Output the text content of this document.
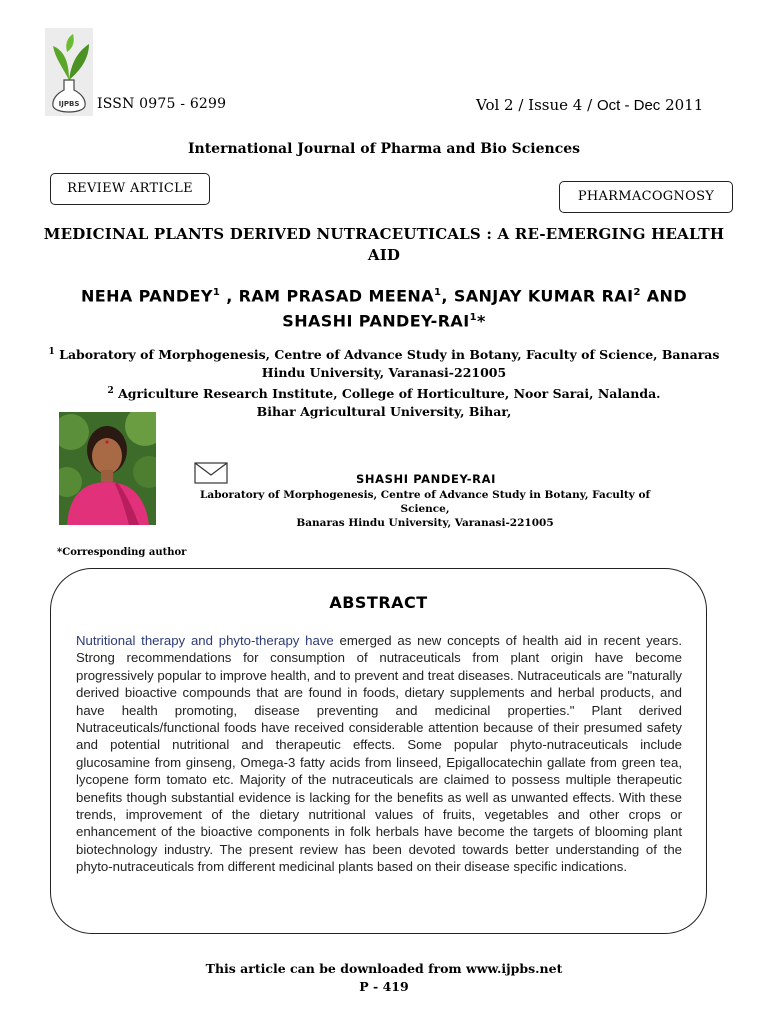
IJPBS ISSN 0975 - 6299	Vol 2 / Issue 4 / Oct - Dec 2011
International Journal of Pharma and Bio Sciences
REVIEW ARTICLE
PHARMACOGNOSY
MEDICINAL PLANTS DERIVED NUTRACEUTICALS : A RE-EMERGING HEALTH AID
NEHA PANDEY$^1$ , RAM PRASAD MEENA$^1$, SANJAY KUMAR RAI$^2$ AND
SHASHI PANDEY-RAI$^1$*
$^1$ Laboratory of Morphogenesis, Centre of Advance Study in Botany, Faculty of Science, Banaras Hindu University, Varanasi-221005
$^2$ Agriculture Research Institute, College of Horticulture, Noor Sarai, Nalanda.
Bihar Agricultural University, Bihar,
SHASHI PANDEY-RAI
Laboratory of Morphogenesis, Centre of Advance Study in Botany, Faculty of Science,
Banaras Hindu University, Varanasi-221005
*Corresponding author
ABSTRACT
Nutritional therapy and phyto-therapy have emerged as new concepts of health aid in recent years. Strong recommendations for consumption of nutraceuticals from plant origin have become progressively popular to improve health, and to prevent and treat diseases. Nutraceuticals are "naturally derived bioactive compounds that are found in foods, dietary supplements and herbal products, and have health promoting, disease preventing and medicinal properties." Plant derived Nutraceuticals/functional foods have received considerable attention because of their presumed safety and potential nutritional and therapeutic effects. Some popular phyto-nutraceuticals include glucosamine from ginseng, Omega-3 fatty acids from linseed, Epigallocatechin gallate from green tea, lycopene form tomato etc. Majority of the nutraceuticals are claimed to possess multiple therapeutic benefits though substantial evidence is lacking for the benefits as well as unwanted effects. With these trends, improvement of the dietary nutritional values of fruits, vegetables and other crops or enhancement of the bioactive components in folk herbals have become the targets of blooming plant biotechnology industry. The present review has been devoted towards better understanding of the phyto-nutraceuticals from different medicinal plants based on their disease specific indications.
This article can be downloaded from www.ijpbs.net
P - 419
